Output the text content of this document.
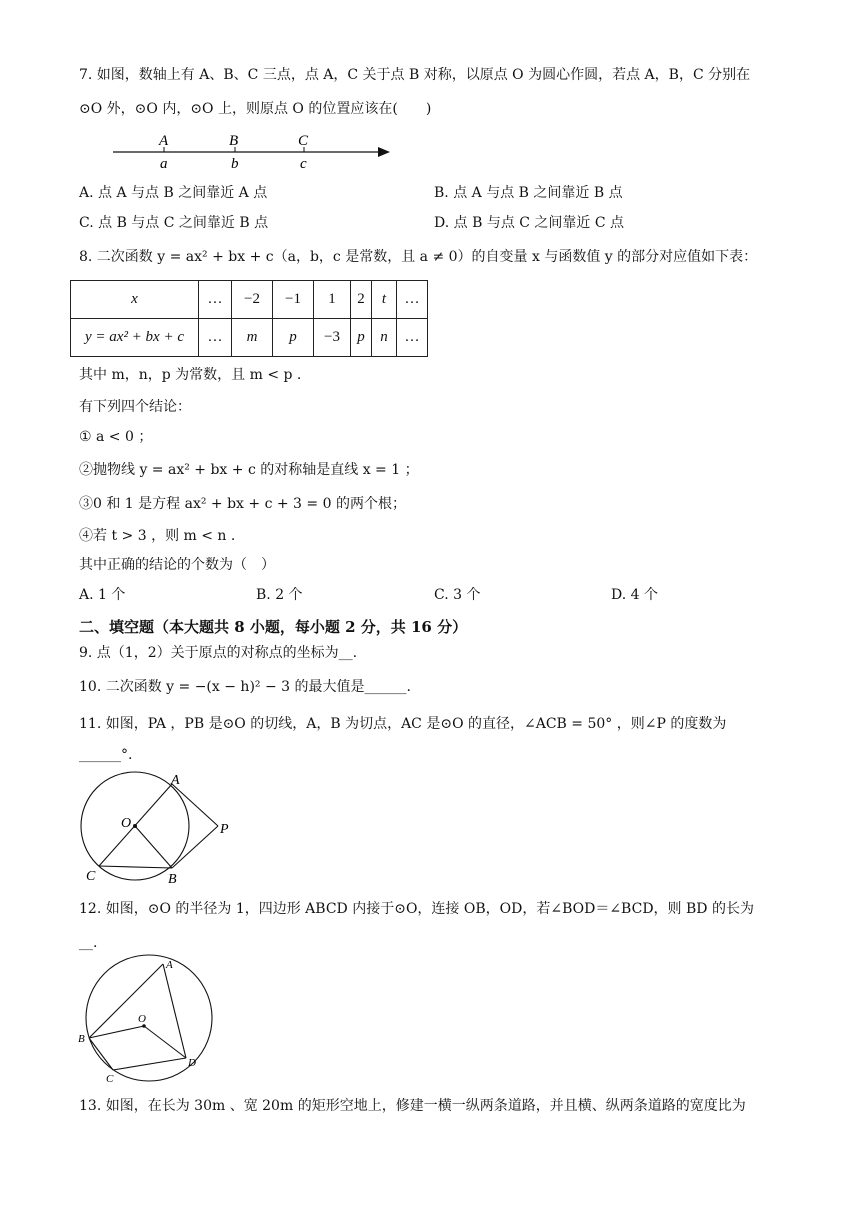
7. 如图，数轴上有 A、B、C 三点，点 A，C 关于点 B 对称，以原点 O 为圆心作圆，若点 A，B，C 分别在
⊙O 外，⊙O 内，⊙O 上，则原点 O 的位置应该在(　　)
A	B	C
a	b	c
A. 点 A 与点 B 之间靠近 A 点	B. 点 A 与点 B 之间靠近 B 点
C. 点 B 与点 C 之间靠近 B 点	D. 点 B 与点 C 之间靠近 C 点
8. 二次函数 y = ax² + bx + c（a，b，c 是常数，且 a ≠ 0）的自变量 x 与函数值 y 的部分对应值如下表：
x	…	−2	−1	1	2	t	…
y = ax² + bx + c	…	m	p	−3	p	n	…
其中 m，n，p 为常数，且 m < p .
有下列四个结论：
① a < 0 ；
②抛物线 y = ax² + bx + c 的对称轴是直线 x = 1 ；
③0 和 1 是方程 ax² + bx + c + 3 = 0 的两个根；
④若 t > 3 ，则 m < n .
其中正确的结论的个数为（　）
A. 1 个	B. 2 个	C. 3 个	D. 4 个
二、填空题（本大题共 8 小题，每小题 2 分，共 16 分）
9. 点（1，2）关于原点的对称点的坐标为__.
10. 二次函数 y = −(x − h)² − 3 的最大值是______.
11. 如图，PA ，PB 是⊙O 的切线，A，B 为切点，AC 是⊙O 的直径，∠ACB = 50° ，则∠P 的度数为
______°.
A
O	P
C	B
12. 如图，⊙O 的半径为 1，四边形 ABCD 内接于⊙O，连接 OB，OD，若∠BOD＝∠BCD，则 BD 的长为
__.
A
O
B
D
C
13. 如图，在长为 30m 、宽 20m 的矩形空地上，修建一横一纵两条道路，并且横、纵两条道路的宽度比为
